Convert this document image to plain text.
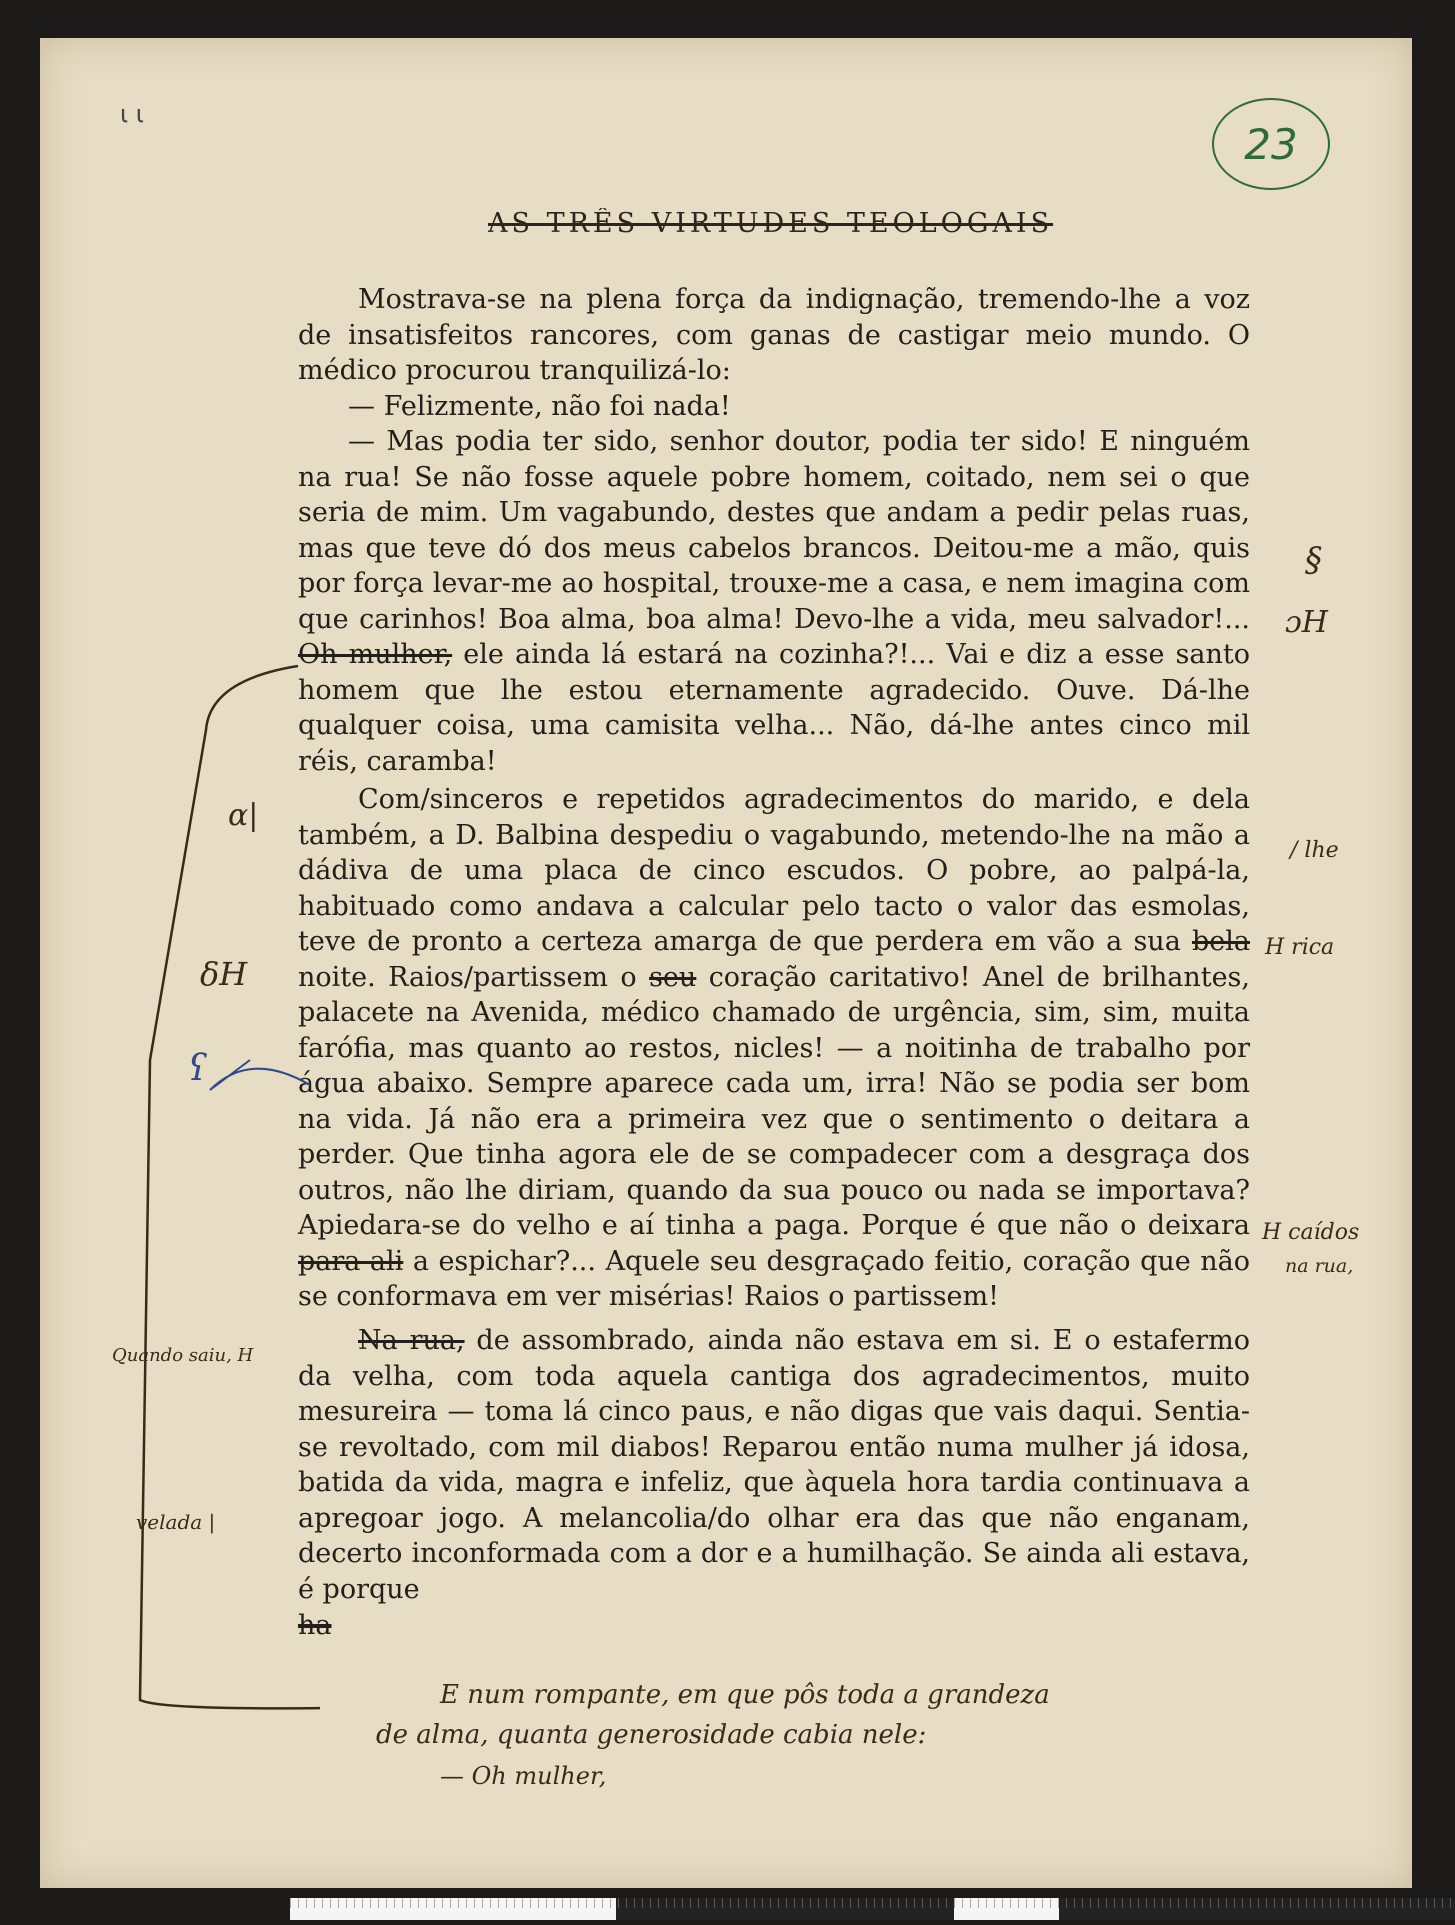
ι ι
23
AS TRÊS VIRTUDES TEOLOGAIS

Mostrava-se na plena força da indignação, tremendo-lhe a voz de insatisfeitos rancores, com ganas de castigar meio mundo. O médico procurou tranquilizá-lo:

— Felizmente, não foi nada!

— Mas podia ter sido, senhor doutor, podia ter sido! E ninguém na rua! Se não fosse aquele pobre homem, coitado, nem sei o que seria de mim. Um vagabundo, destes que andam a pedir pelas ruas, mas que teve dó dos meus cabelos brancos. Deitou-me a mão, quis por força levar-me ao hospital, trouxe-me a casa, e nem imagina com que carinhos! Boa alma, boa alma! Devo-lhe a vida, meu salvador!... Oh mulher, ele ainda lá estará na cozinha?!... Vai e diz a esse santo homem que lhe estou eternamente agradecido. Ouve. Dá-lhe qualquer coisa, uma camisita velha... Não, dá-lhe antes cinco mil réis, caramba!

Com/sinceros e repetidos agradecimentos do marido, e dela também, a D. Balbina despediu o vagabundo, metendo-lhe na mão a dádiva de uma placa de cinco escudos. O pobre, ao palpá-la, habituado como andava a calcular pelo tacto o valor das esmolas, teve de pronto a certeza amarga de que perdera em vão a sua bela noite. Raios/partissem o seu coração caritativo! Anel de brilhantes, palacete na Avenida, médico chamado de urgência, sim, sim, muita farófia, mas quanto ao restos, nicles! — a noitinha de trabalho por água abaixo. Sempre aparece cada um, irra! Não se podia ser bom na vida. Já não era a primeira vez que o sentimento o deitara a perder. Que tinha agora ele de se compadecer com a desgraça dos outros, não lhe diriam, quando da sua pouco ou nada se importava? Apiedara-se do velho e aí tinha a paga. Porque é que não o deixara para ali a espichar?... Aquele seu desgraçado feitio, coração que não se conformava em ver misérias! Raios o partissem!

Na rua, de assombrado, ainda não estava em si. E o estafermo da velha, com toda aquela cantiga dos agradecimentos, muito mesureira — toma lá cinco paus, e não digas que vais daqui. Sentia-se revoltado, com mil diabos! Reparou então numa mulher já idosa, batida da vida, magra e infeliz, que àquela hora tardia continuava a apregoar jogo. A melancolia/do olhar era das que não enganam, decerto inconformada com a dor e a humilhação. Se ainda ali estava, é porque

ha
§
ɔH
/ lhe
H rica
H caídos
na rua,
ɑ|
δH
ʕ
Quando saiu, H
velada |
E num rompante, em que pôs toda a grandeza
de alma, quanta generosidade cabia nele:
— Oh mulher,
